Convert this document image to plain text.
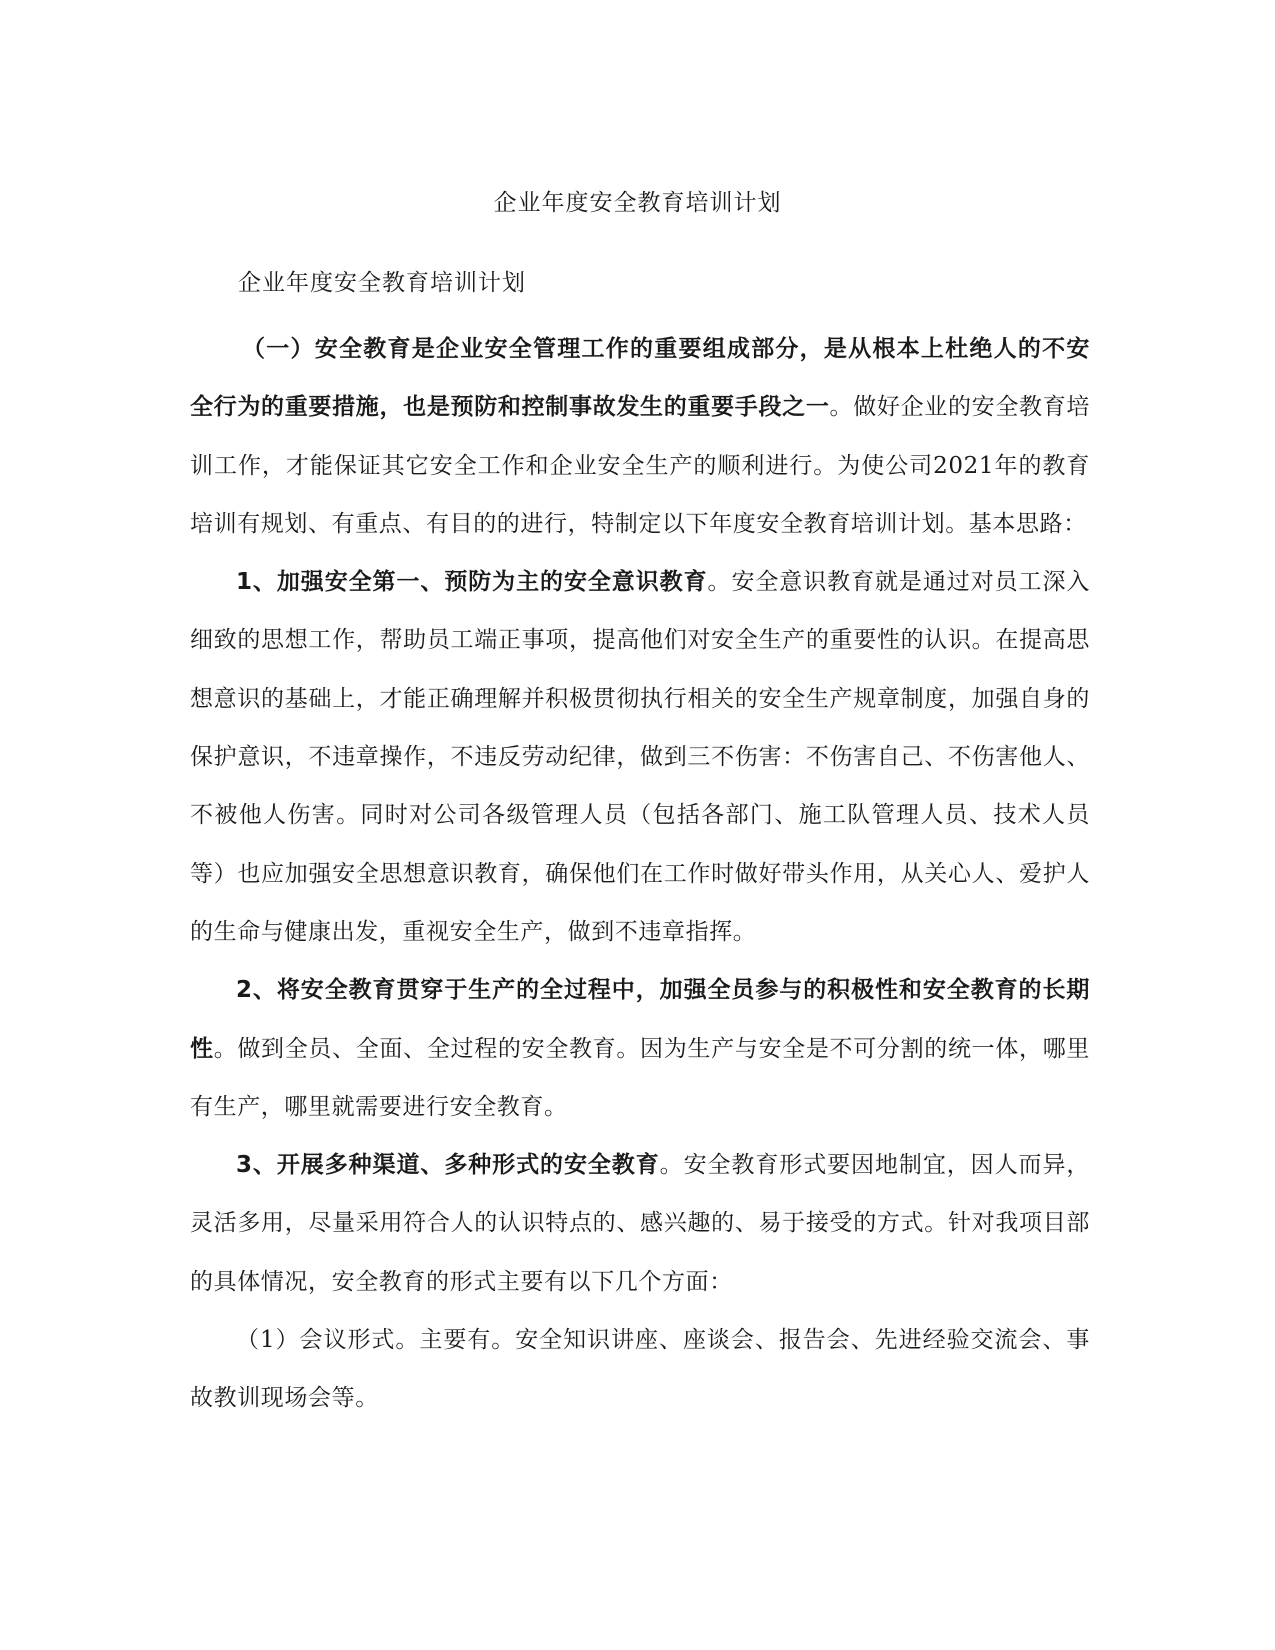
企业年度安全教育培训计划
企业年度安全教育培训计划

（一）安全教育是企业安全管理工作的重要组成部分，是从根本上杜绝人的不安全行为的重要措施，也是预防和控制事故发生的重要手段之一。做好企业的安全教育培训工作，才能保证其它安全工作和企业安全生产的顺利进行。为使公司2021年的教育培训有规划、有重点、有目的的进行，特制定以下年度安全教育培训计划。基本思路：

1、加强安全第一、预防为主的安全意识教育。安全意识教育就是通过对员工深入细致的思想工作，帮助员工端正事项，提高他们对安全生产的重要性的认识。在提高思想意识的基础上，才能正确理解并积极贯彻执行相关的安全生产规章制度，加强自身的保护意识，不违章操作，不违反劳动纪律，做到三不伤害：不伤害自己、不伤害他人、不被他人伤害。同时对公司各级管理人员（包括各部门、施工队管理人员、技术人员等）也应加强安全思想意识教育，确保他们在工作时做好带头作用，从关心人、爱护人的生命与健康出发，重视安全生产，做到不违章指挥。

2、将安全教育贯穿于生产的全过程中，加强全员参与的积极性和安全教育的长期性。做到全员、全面、全过程的安全教育。因为生产与安全是不可分割的统一体，哪里有生产，哪里就需要进行安全教育。

3、开展多种渠道、多种形式的安全教育。安全教育形式要因地制宜，因人而异，灵活多用，尽量采用符合人的认识特点的、感兴趣的、易于接受的方式。针对我项目部的具体情况，安全教育的形式主要有以下几个方面：

（1）会议形式。主要有。安全知识讲座、座谈会、报告会、先进经验交流会、事故教训现场会等。
